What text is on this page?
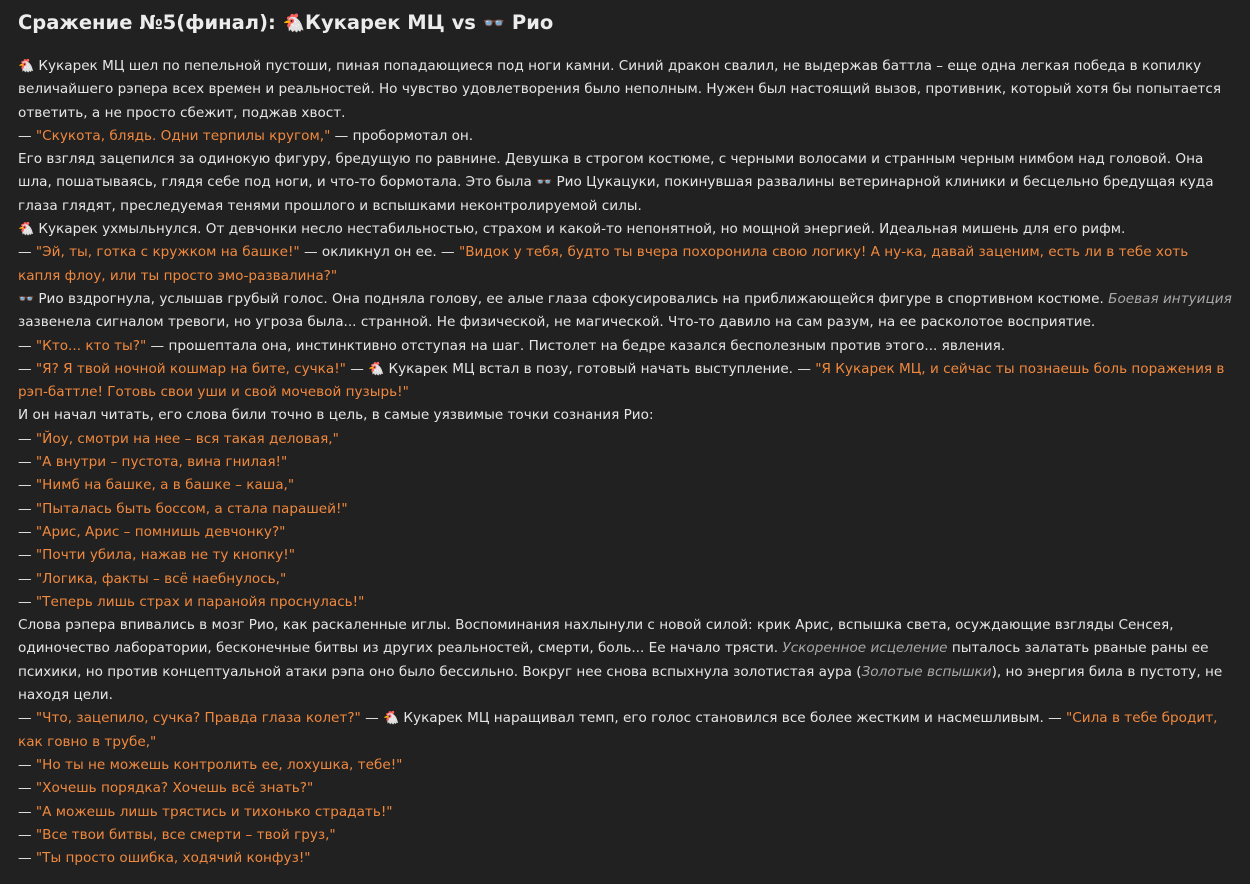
Сражение №5(финал): 🐔Кукарек МЦ vs 👓 Рио
🐔 Кукарек МЦ шел по пепельной пустоши, пиная попадающиеся под ноги камни. Синий дракон свалил, не выдержав баттла – еще одна легкая победа в копилку величайшего рэпера всех времен и реальностей. Но чувство удовлетворения было неполным. Нужен был настоящий вызов, противник, который хотя бы попытается ответить, а не просто сбежит, поджав хвост.
— "Скукота, блядь. Одни терпилы кругом," — пробормотал он.
Его взгляд зацепился за одинокую фигуру, бредущую по равнине. Девушка в строгом костюме, с черными волосами и странным черным нимбом над головой. Она шла, пошатываясь, глядя себе под ноги, и что-то бормотала. Это была 👓 Рио Цукацуки, покинувшая развалины ветеринарной клиники и бесцельно бредущая куда глаза глядят, преследуемая тенями прошлого и вспышками неконтролируемой силы.
🐔 Кукарек ухмыльнулся. От девчонки несло нестабильностью, страхом и какой-то непонятной, но мощной энергией. Идеальная мишень для его рифм.
— "Эй, ты, готка с кружком на башке!" — окликнул он ее. — "Видок у тебя, будто ты вчера похоронила свою логику! А ну-ка, давай заценим, есть ли в тебе хоть капля флоу, или ты просто эмо-развалина?"
👓 Рио вздрогнула, услышав грубый голос. Она подняла голову, ее алые глаза сфокусировались на приближающейся фигуре в спортивном костюме. Боевая интуиция зазвенела сигналом тревоги, но угроза была... странной. Не физической, не магической. Что-то давило на сам разум, на ее расколотое восприятие.
— "Кто... кто ты?" — прошептала она, инстинктивно отступая на шаг. Пистолет на бедре казался бесполезным против этого... явления.
— "Я? Я твой ночной кошмар на бите, сучка!" — 🐔 Кукарек МЦ встал в позу, готовый начать выступление. — "Я Кукарек МЦ, и сейчас ты познаешь боль поражения в рэп-баттле! Готовь свои уши и свой мочевой пузырь!"
И он начал читать, его слова били точно в цель, в самые уязвимые точки сознания Рио:
— "Йоу, смотри на нее – вся такая деловая,"
— "А внутри – пустота, вина гнилая!"
— "Нимб на башке, а в башке – каша,"
— "Пыталась быть боссом, а стала парашей!"
— "Арис, Арис – помнишь девчонку?"
— "Почти убила, нажав не ту кнопку!"
— "Логика, факты – всё наебнулось,"
— "Теперь лишь страх и паранойя проснулась!"
Слова рэпера впивались в мозг Рио, как раскаленные иглы. Воспоминания нахлынули с новой силой: крик Арис, вспышка света, осуждающие взгляды Сенсея, одиночество лаборатории, бесконечные битвы из других реальностей, смерти, боль... Ее начало трясти. Ускоренное исцеление пыталось залатать рваные раны ее психики, но против концептуальной атаки рэпа оно было бессильно. Вокруг нее снова вспыхнула золотистая аура (Золотые вспышки), но энергия била в пустоту, не находя цели.
— "Что, зацепило, сучка? Правда глаза колет?" — 🐔 Кукарек МЦ наращивал темп, его голос становился все более жестким и насмешливым. — "Сила в тебе бродит, как говно в трубе,"
— "Но ты не можешь контролить ее, лохушка, тебе!"
— "Хочешь порядка? Хочешь всё знать?"
— "А можешь лишь трястись и тихонько страдать!"
— "Все твои битвы, все смерти – твой груз,"
— "Ты просто ошибка, ходячий конфуз!"
